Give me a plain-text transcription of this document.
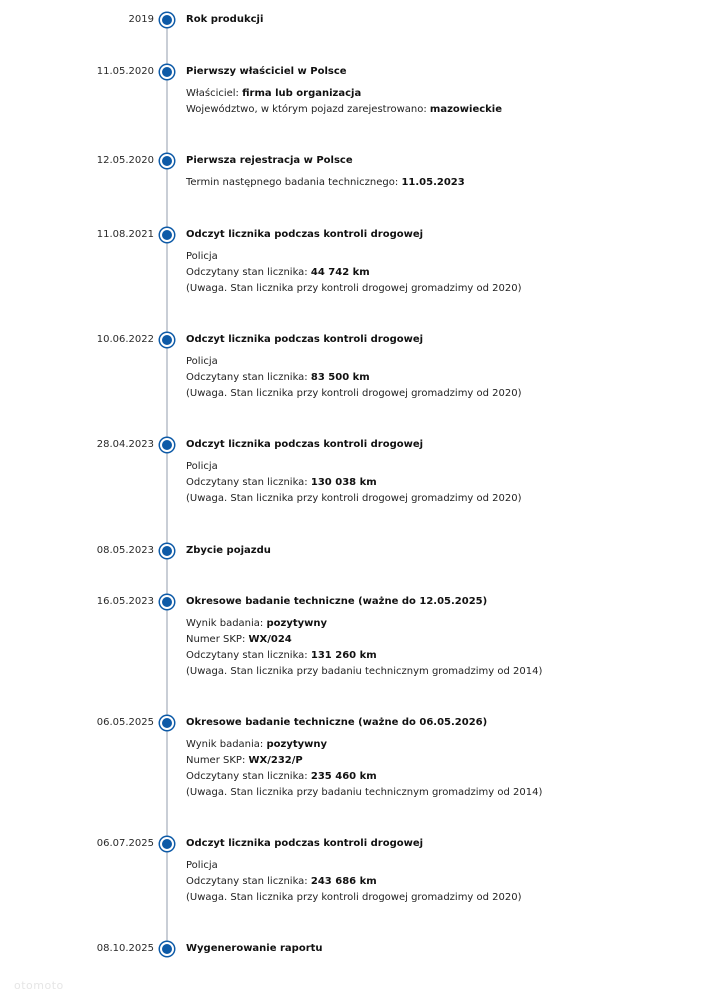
2019	Rok produkcji
11.05.2020	Pierwszy właściciel w Polsce
Właściciel: firma lub organizacja
Województwo, w którym pojazd zarejestrowano: mazowieckie
12.05.2020	Pierwsza rejestracja w Polsce
Termin następnego badania technicznego: 11.05.2023
11.08.2021	Odczyt licznika podczas kontroli drogowej
Policja
Odczytany stan licznika: 44 742 km
(Uwaga. Stan licznika przy kontroli drogowej gromadzimy od 2020)
10.06.2022	Odczyt licznika podczas kontroli drogowej
Policja
Odczytany stan licznika: 83 500 km
(Uwaga. Stan licznika przy kontroli drogowej gromadzimy od 2020)
28.04.2023	Odczyt licznika podczas kontroli drogowej
Policja
Odczytany stan licznika: 130 038 km
(Uwaga. Stan licznika przy kontroli drogowej gromadzimy od 2020)
08.05.2023	Zbycie pojazdu
16.05.2023	Okresowe badanie techniczne (ważne do 12.05.2025)
Wynik badania: pozytywny
Numer SKP: WX/024
Odczytany stan licznika: 131 260 km
(Uwaga. Stan licznika przy badaniu technicznym gromadzimy od 2014)
06.05.2025	Okresowe badanie techniczne (ważne do 06.05.2026)
Wynik badania: pozytywny
Numer SKP: WX/232/P
Odczytany stan licznika: 235 460 km
(Uwaga. Stan licznika przy badaniu technicznym gromadzimy od 2014)
06.07.2025	Odczyt licznika podczas kontroli drogowej
Policja
Odczytany stan licznika: 243 686 km
(Uwaga. Stan licznika przy kontroli drogowej gromadzimy od 2020)
08.10.2025	Wygenerowanie raportu
otomoto
